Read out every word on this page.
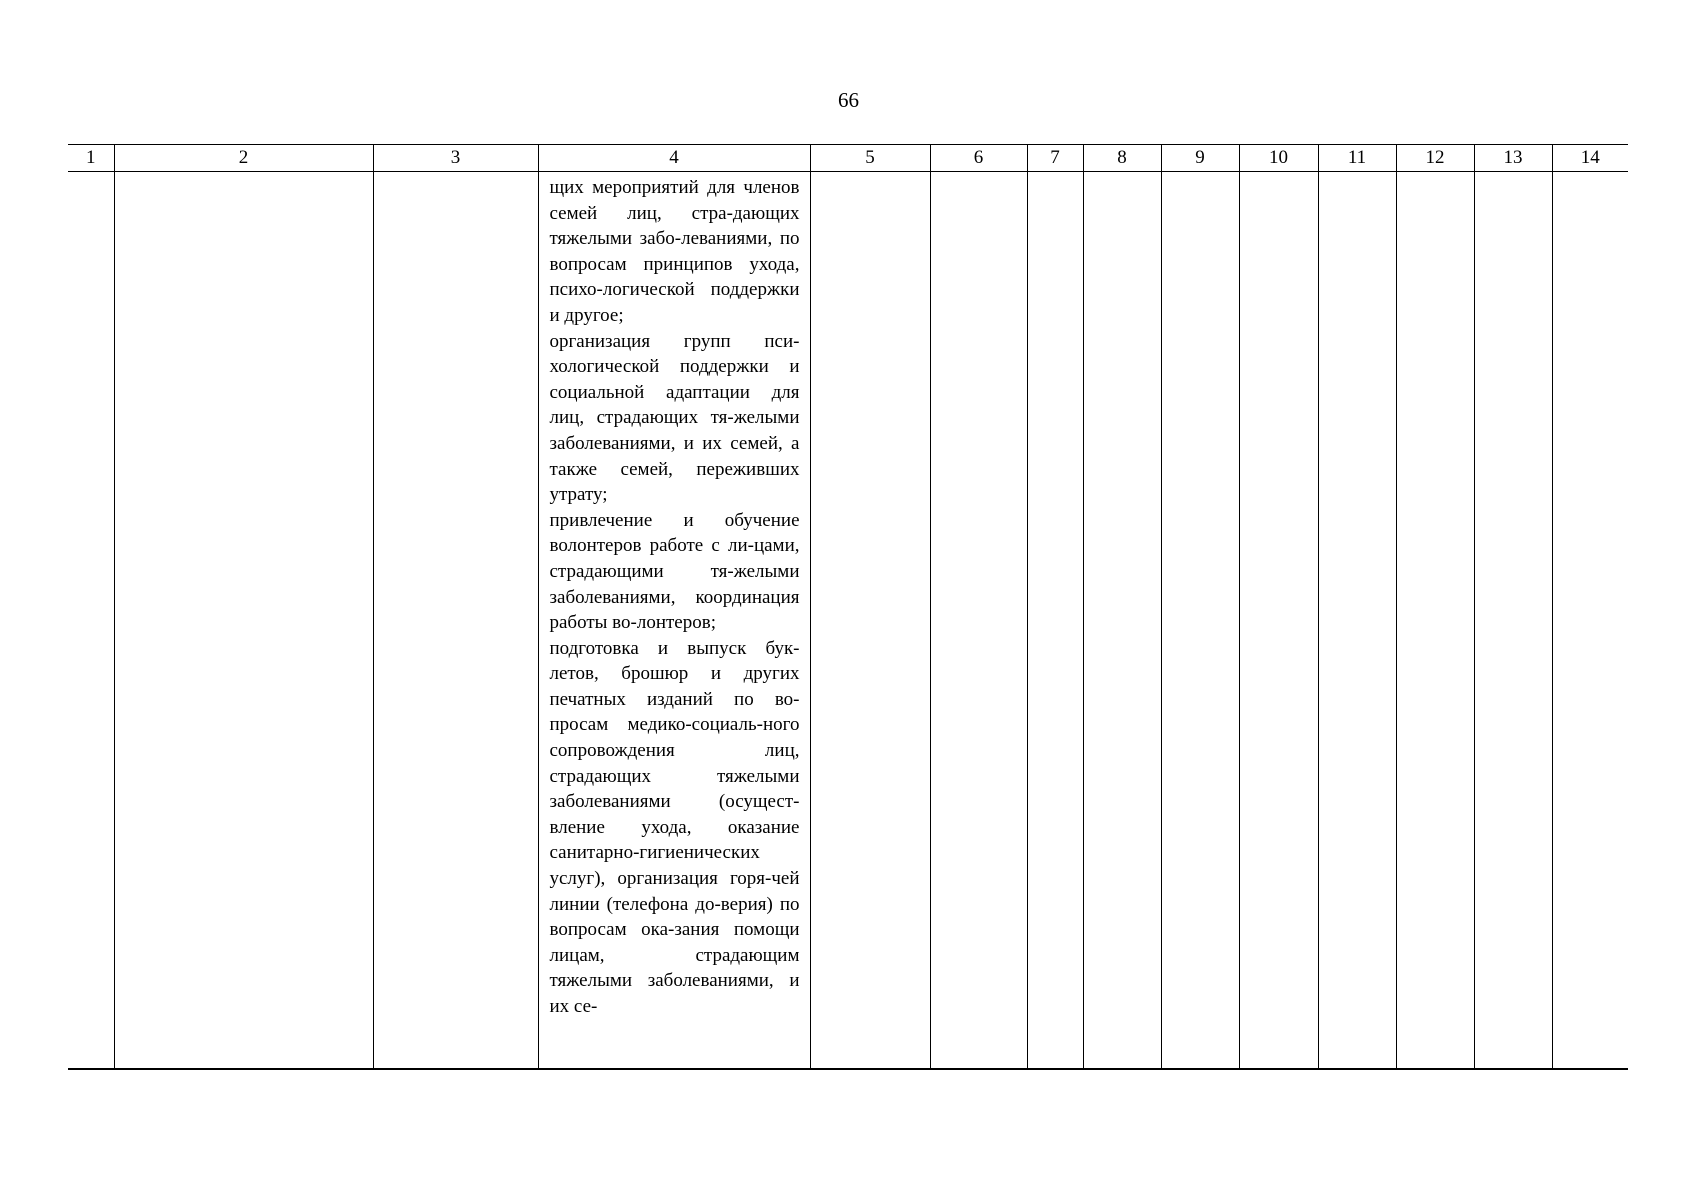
66
1	2	3	4	5	6	7	8	9	10	11	12	13	14

			щих мероприятий для членов семей лиц, стра-дающих тяжелыми забо-леваниями, по вопросам принципов ухода, психо-логической поддержки и другое;

организация групп пси-хологической поддержки и социальной адаптации для лиц, страдающих тя-желыми заболеваниями, и их семей, а также семей, переживших утрату;

привлечение и обучение волонтеров работе с ли-цами, страдающими тя-желыми заболеваниями, координация работы во-лонтеров;

подготовка и выпуск бук-летов, брошюр и других печатных изданий по во-просам медико-социаль-ного сопровождения лиц, страдающих тяжелыми заболеваниями (осущест-вление ухода, оказание санитарно-гигиенических услуг), организация горя-чей линии (телефона до-верия) по вопросам ока-зания помощи лицам, страдающим тяжелыми заболеваниями, и их се-										
